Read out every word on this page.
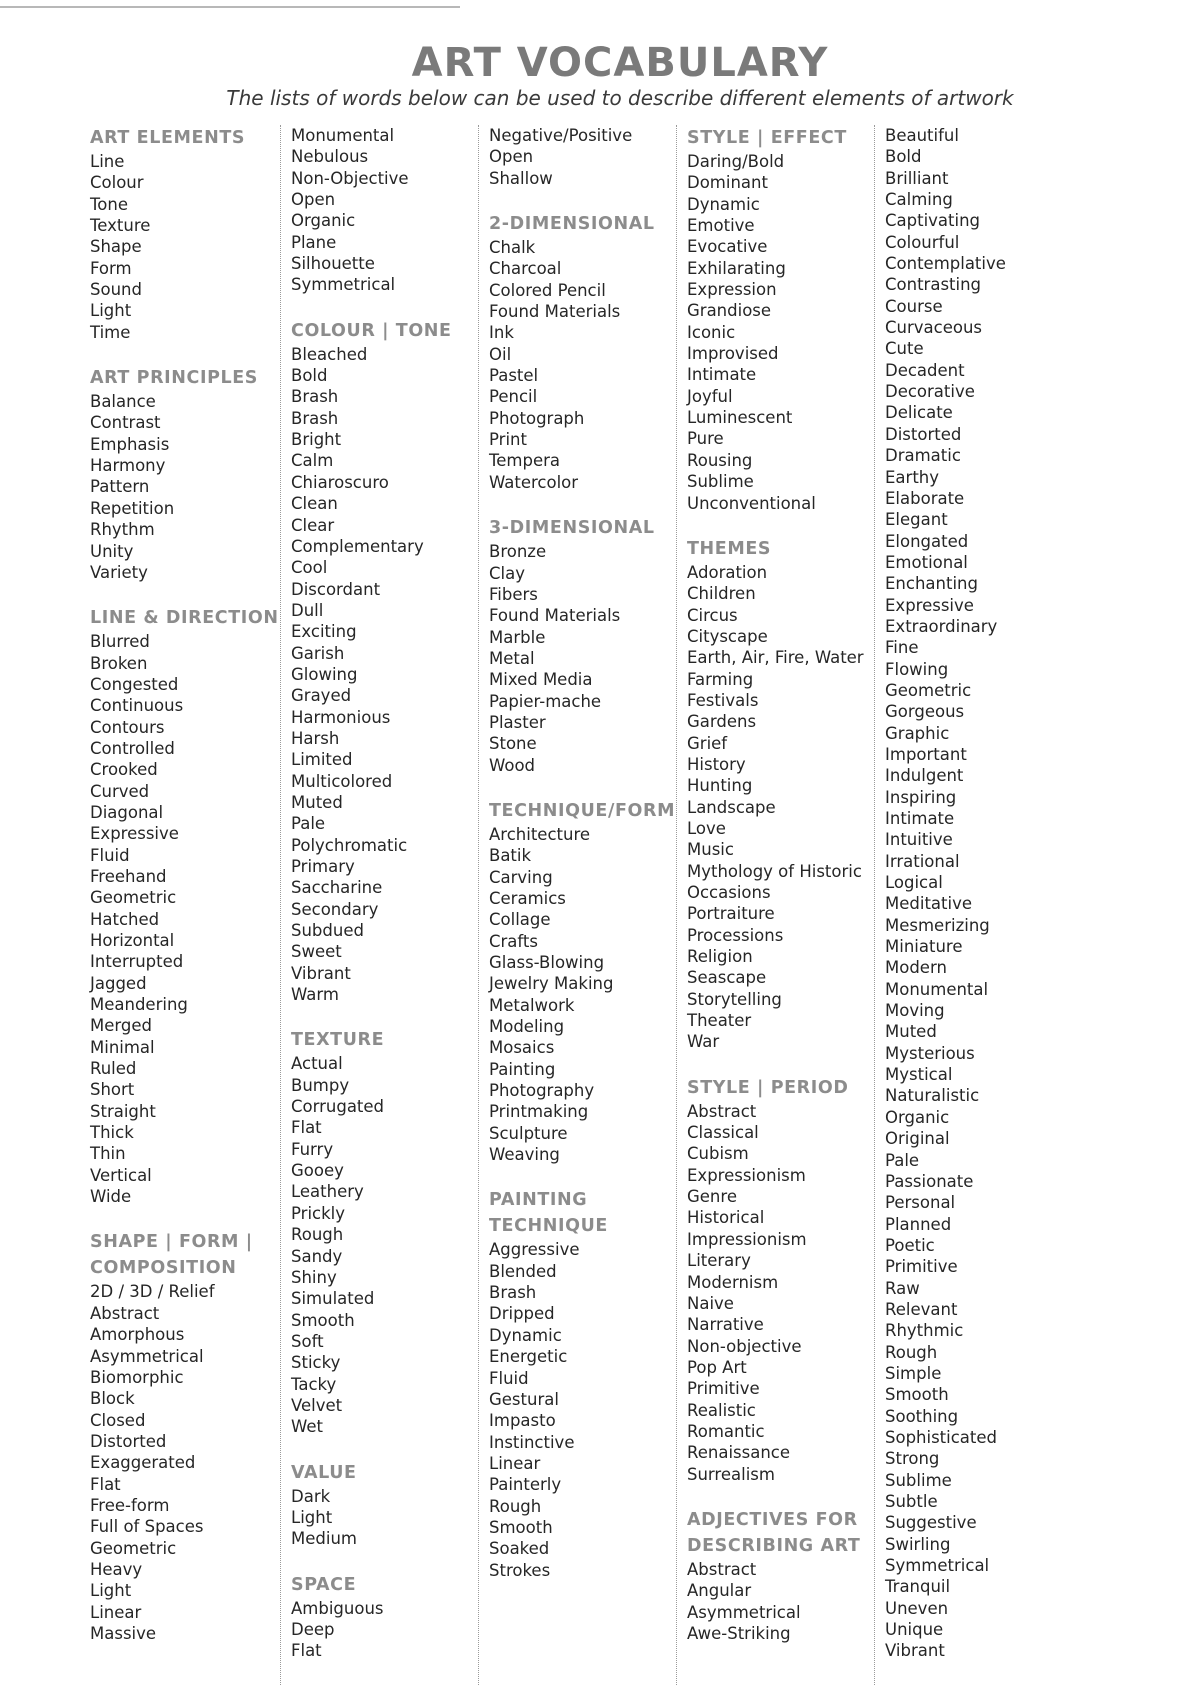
ART VOCABULARY
The lists of words below can be used to describe different elements of artwork
ART ELEMENTS
Line
Colour
Tone
Texture
Shape
Form
Sound
Light
Time
ART PRINCIPLES
Balance
Contrast
Emphasis
Harmony
Pattern
Repetition
Rhythm
Unity
Variety
LINE & DIRECTION
Blurred
Broken
Congested
Continuous
Contours
Controlled
Crooked
Curved
Diagonal
Expressive
Fluid
Freehand
Geometric
Hatched
Horizontal
Interrupted
Jagged
Meandering
Merged
Minimal
Ruled
Short
Straight
Thick
Thin
Vertical
Wide
SHAPE | FORM | COMPOSITION
2D / 3D / Relief
Abstract
Amorphous
Asymmetrical
Biomorphic
Block
Closed
Distorted
Exaggerated
Flat
Free-form
Full of Spaces
Geometric
Heavy
Light
Linear
Massive
Monumental
Nebulous
Non-Objective
Open
Organic
Plane
Silhouette
Symmetrical
COLOUR | TONE
Bleached
Bold
Brash
Brash
Bright
Calm
Chiaroscuro
Clean
Clear
Complementary
Cool
Discordant
Dull
Exciting
Garish
Glowing
Grayed
Harmonious
Harsh
Limited
Multicolored
Muted
Pale
Polychromatic
Primary
Saccharine
Secondary
Subdued
Sweet
Vibrant
Warm
TEXTURE
Actual
Bumpy
Corrugated
Flat
Furry
Gooey
Leathery
Prickly
Rough
Sandy
Shiny
Simulated
Smooth
Soft
Sticky
Tacky
Velvet
Wet
VALUE
Dark
Light
Medium
SPACE
Ambiguous
Deep
Flat
Negative/Positive
Open
Shallow
2-DIMENSIONAL
Chalk
Charcoal
Colored Pencil
Found Materials
Ink
Oil
Pastel
Pencil
Photograph
Print
Tempera
Watercolor
3-DIMENSIONAL
Bronze
Clay
Fibers
Found Materials
Marble
Metal
Mixed Media
Papier-mache
Plaster
Stone
Wood
TECHNIQUE/FORM
Architecture
Batik
Carving
Ceramics
Collage
Crafts
Glass-Blowing
Jewelry Making
Metalwork
Modeling
Mosaics
Painting
Photography
Printmaking
Sculpture
Weaving
PAINTING TECHNIQUE
Aggressive
Blended
Brash
Dripped
Dynamic
Energetic
Fluid
Gestural
Impasto
Instinctive
Linear
Painterly
Rough
Smooth
Soaked
Strokes
STYLE | EFFECT
Daring/Bold
Dominant
Dynamic
Emotive
Evocative
Exhilarating
Expression
Grandiose
Iconic
Improvised
Intimate
Joyful
Luminescent
Pure
Rousing
Sublime
Unconventional
THEMES
Adoration
Children
Circus
Cityscape
Earth, Air, Fire, Water
Farming
Festivals
Gardens
Grief
History
Hunting
Landscape
Love
Music
Mythology of Historic
Occasions
Portraiture
Processions
Religion
Seascape
Storytelling
Theater
War
STYLE | PERIOD
Abstract
Classical
Cubism
Expressionism
Genre
Historical
Impressionism
Literary
Modernism
Naive
Narrative
Non-objective
Pop Art
Primitive
Realistic
Romantic
Renaissance
Surrealism
ADJECTIVES FOR DESCRIBING ART
Abstract
Angular
Asymmetrical
Awe-Striking
Beautiful
Bold
Brilliant
Calming
Captivating
Colourful
Contemplative
Contrasting
Course
Curvaceous
Cute
Decadent
Decorative
Delicate
Distorted
Dramatic
Earthy
Elaborate
Elegant
Elongated
Emotional
Enchanting
Expressive
Extraordinary
Fine
Flowing
Geometric
Gorgeous
Graphic
Important
Indulgent
Inspiring
Intimate
Intuitive
Irrational
Logical
Meditative
Mesmerizing
Miniature
Modern
Monumental
Moving
Muted
Mysterious
Mystical
Naturalistic
Organic
Original
Pale
Passionate
Personal
Planned
Poetic
Primitive
Raw
Relevant
Rhythmic
Rough
Simple
Smooth
Soothing
Sophisticated
Strong
Sublime
Subtle
Suggestive
Swirling
Symmetrical
Tranquil
Uneven
Unique
Vibrant
